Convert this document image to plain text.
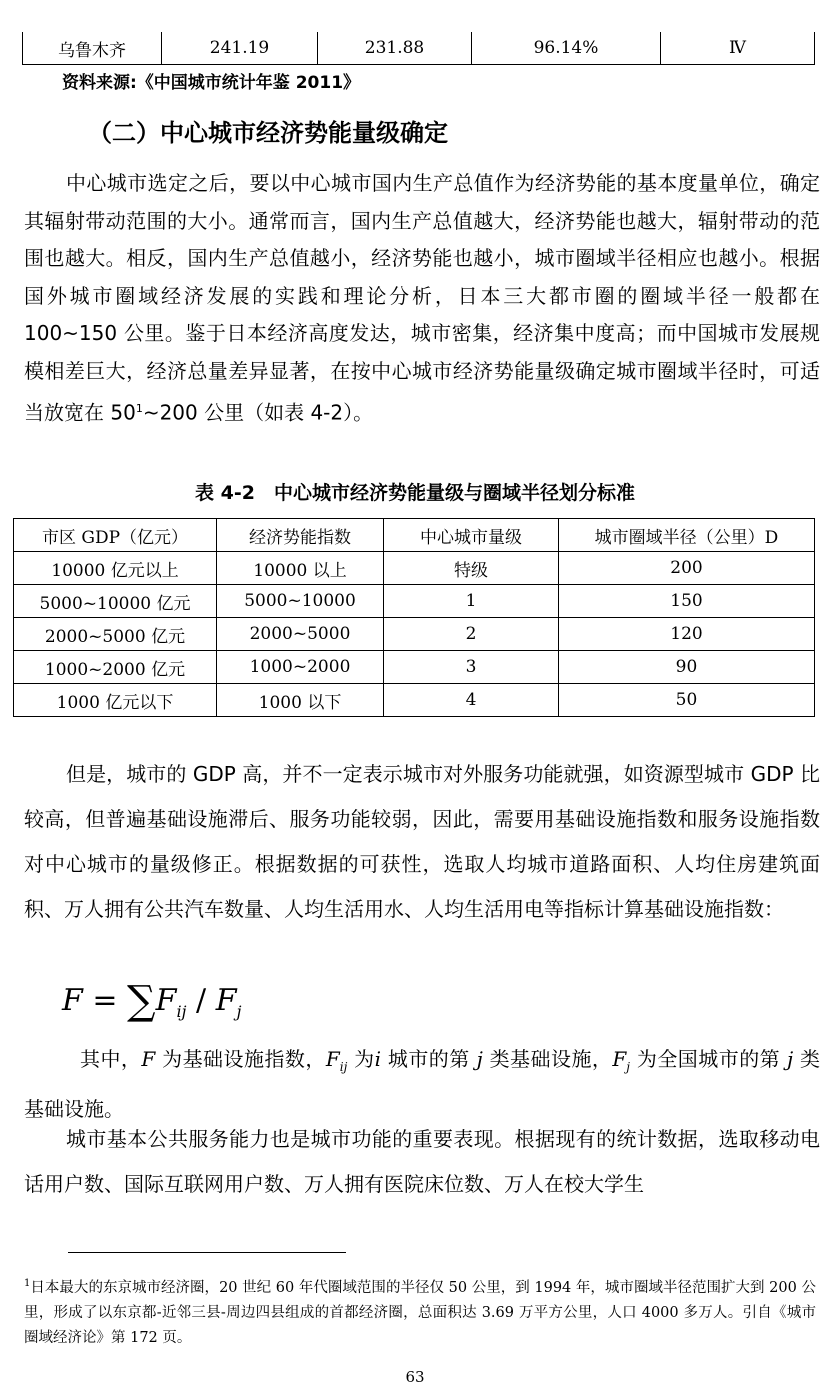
乌鲁木齐	241.19	231.88	96.14%	Ⅳ
资料来源:《中国城市统计年鉴 2011》
（二）中心城市经济势能量级确定

中心城市选定之后，要以中心城市国内生产总值作为经济势能的基本度量单位，确定其辐射带动范围的大小。通常而言，国内生产总值越大，经济势能也越大，辐射带动的范围也越大。相反，国内生产总值越小，经济势能也越小，城市圈域半径相应也越小。根据国外城市圈域经济发展的实践和理论分析，日本三大都市圈的圈域半径一般都在 100~150 公里。鉴于日本经济高度发达，城市密集，经济集中度高；而中国城市发展规模相差巨大，经济总量差异显著，在按中心城市经济势能量级确定城市圈域半径时，可适当放宽在 $50^1\sim 200$ 公里（如表 4-2）。

表 4-2　中心城市经济势能量级与圈域半径划分标准
市区 GDP（亿元）	经济势能指数	中心城市量级	城市圈域半径（公里）D
10000 亿元以上	10000 以上	特级	200
5000~10000 亿元	5000~10000	1	150
2000~5000 亿元	2000~5000	2	120
1000~2000 亿元	1000~2000	3	90
1000 亿元以下	1000 以下	4	50

但是，城市的 GDP 高，并不一定表示城市对外服务功能就强，如资源型城市 GDP 比较高，但普遍基础设施滞后、服务功能较弱，因此，需要用基础设施指数和服务设施指数对中心城市的量级修正。根据数据的可获性，选取人均城市道路面积、人均住房建筑面积、万人拥有公共汽车数量、人均生活用水、人均生活用电等指标计算基础设施指数：

$F = \sum F_{ij} / F_j$

其中，F 为基础设施指数，$F_{ij}$ 为i 城市的第 j 类基础设施，$F_j$ 为全国城市的第 j 类基础设施。

城市基本公共服务能力也是城市功能的重要表现。根据现有的统计数据，选取移动电话用户数、国际互联网用户数、万人拥有医院床位数、万人在校大学生

$^1$日本最大的东京城市经济圈，20 世纪 60 年代圈域范围的半径仅 50 公里，到 1994 年，城市圈域半径范围扩大到 200 公里，形成了以东京都-近邻三县-周边四县组成的首都经济圈，总面积达 3.69 万平方公里，人口 4000 多万人。引自《城市圈域经济论》第 172 页。

63
